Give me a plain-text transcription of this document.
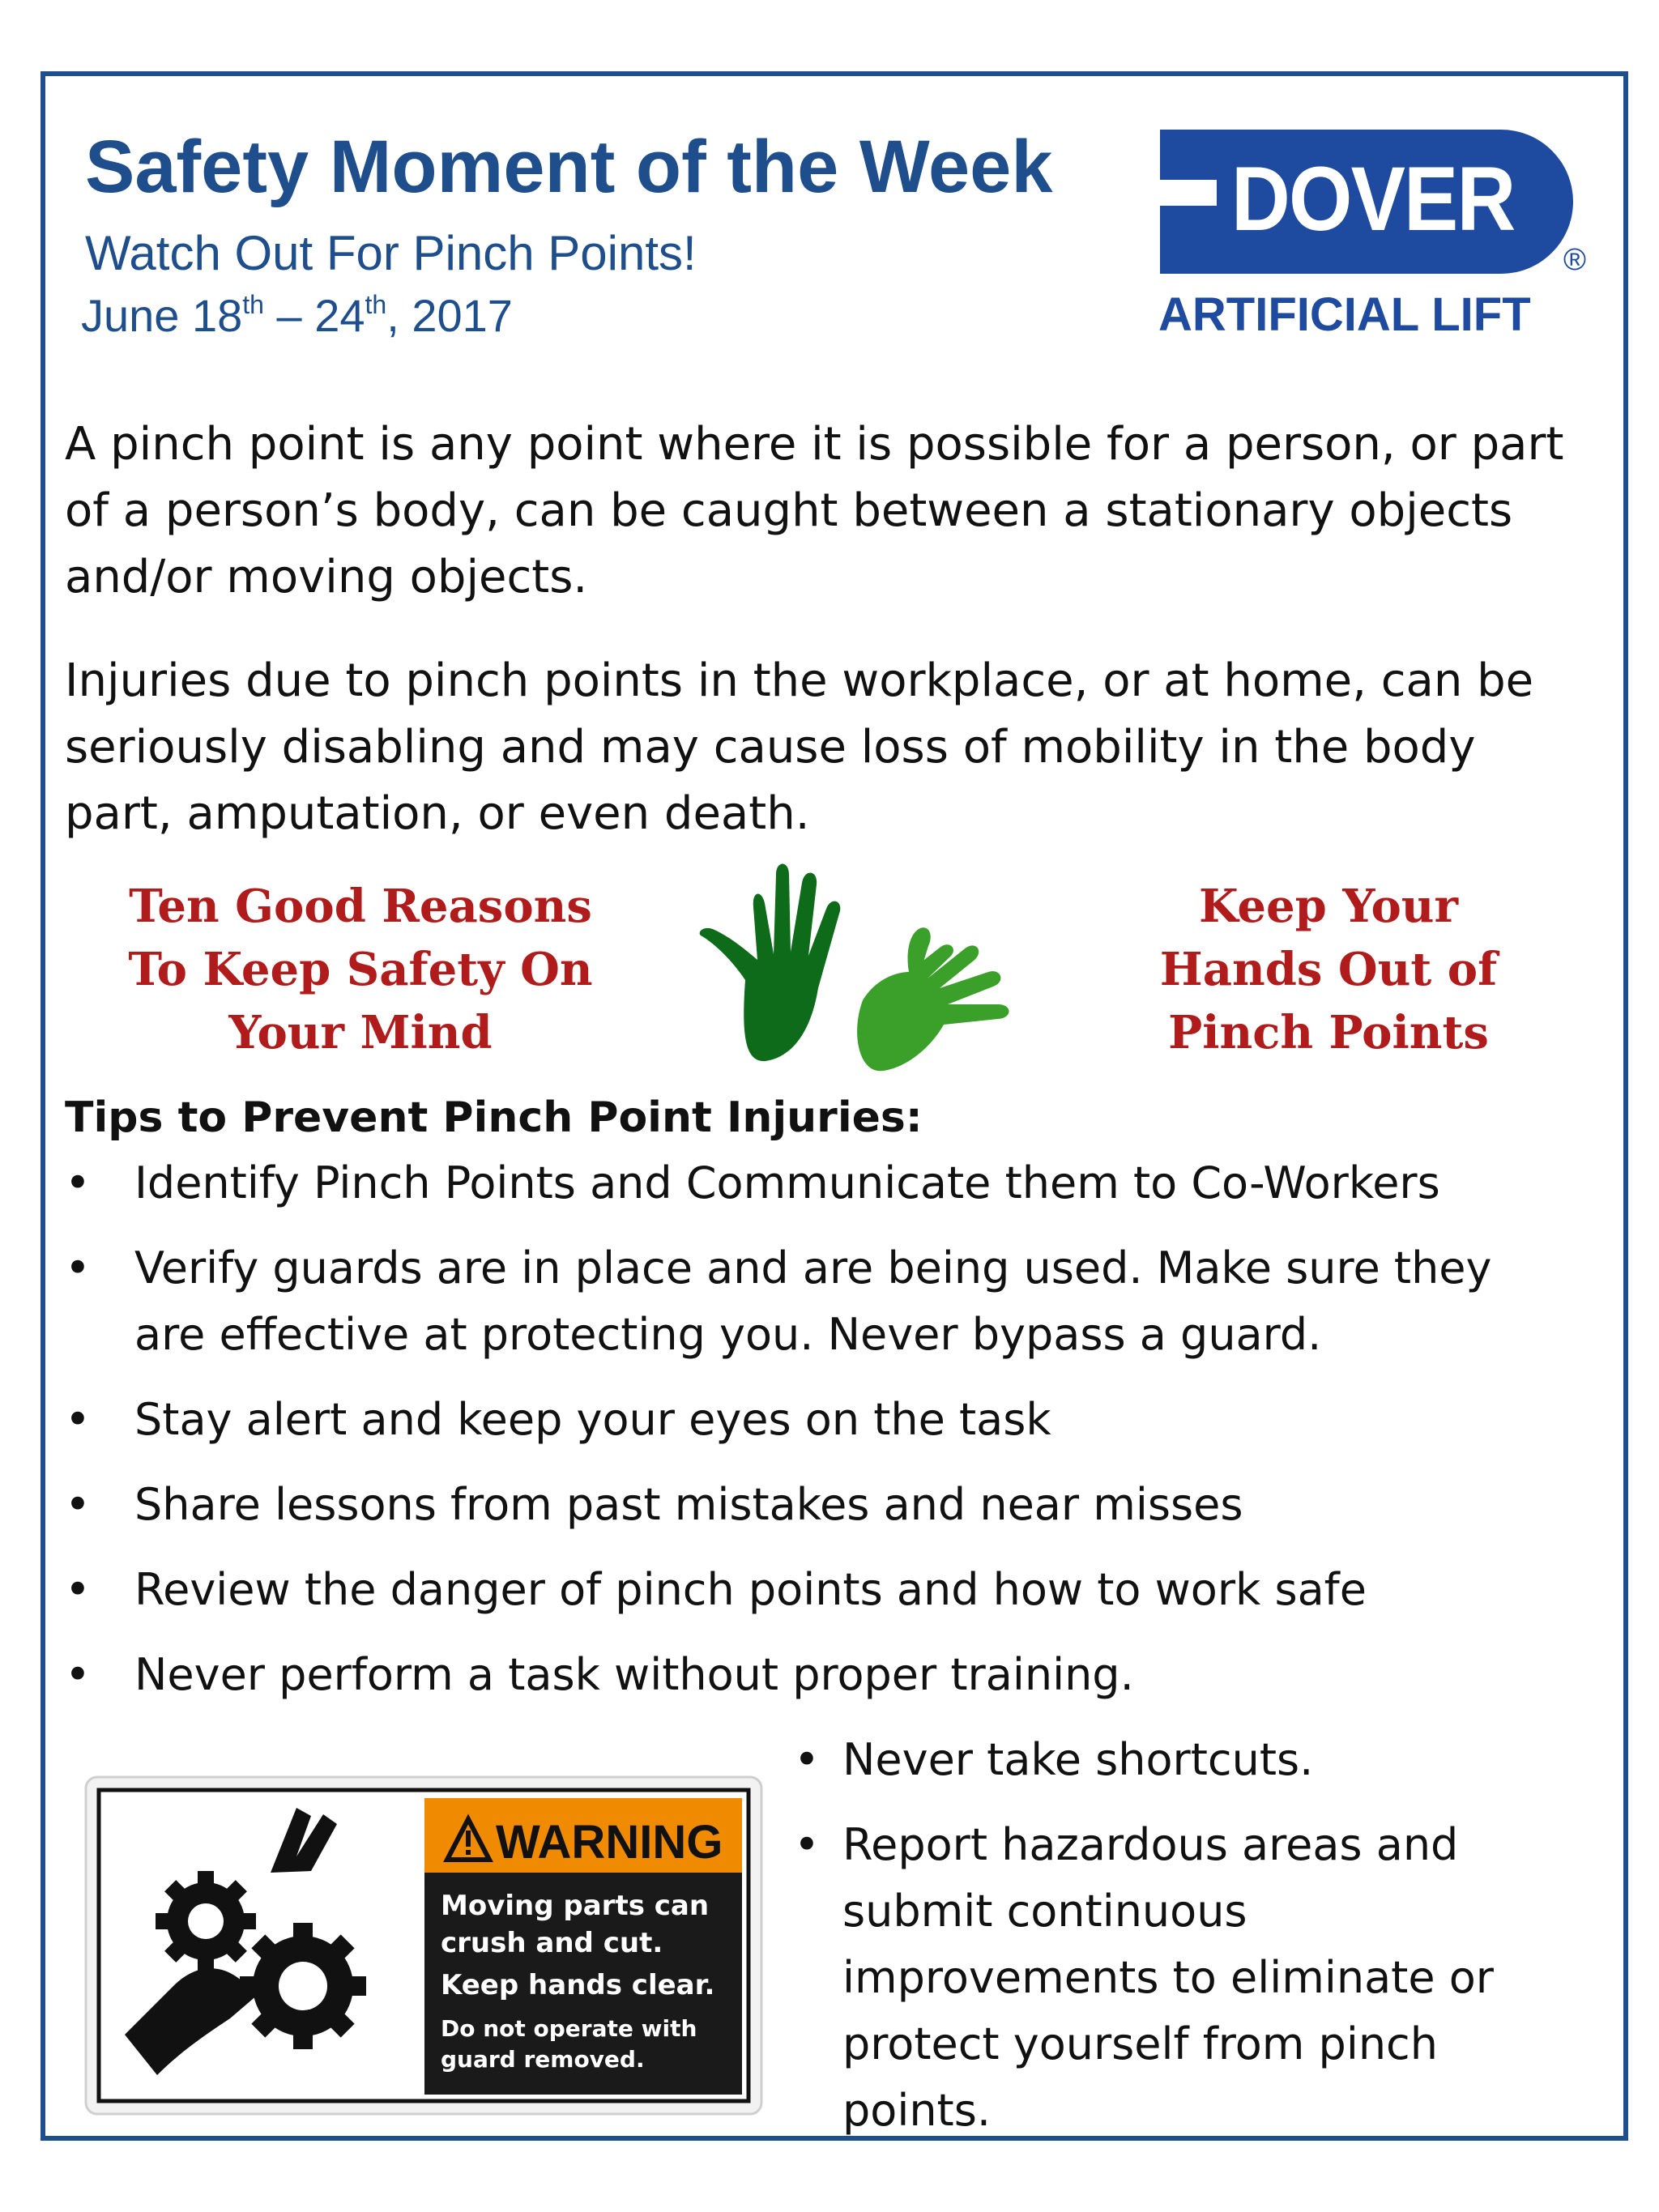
Safety Moment of the Week
Watch Out For Pinch Points!
June 18th – 24th, 2017
DOVER
®
ARTIFICIAL LIFT
A pinch point is any point where it is possible for a person, or part of a person’s body, can be caught between a stationary objects and/or moving objects.
Injuries due to pinch points in the workplace, or at home, can be seriously disabling and may cause loss of mobility in the body part, amputation, or even death.
Ten Good Reasons
To Keep Safety On
Your Mind
Keep Your
Hands Out of
Pinch Points
Tips to Prevent Pinch Point Injuries:
• Identify Pinch Points and Communicate them to Co-Workers
• Verify guards are in place and are being used. Make sure they are effective at protecting you. Never bypass a guard.
• Stay alert and keep your eyes on the task
• Share lessons from past mistakes and near misses
• Review the danger of pinch points and how to work safe
• Never perform a task without proper training.
• Never take shortcuts.
• Report hazardous areas and submit continuous improvements to eliminate or protect yourself from pinch points.
WARNING
Moving parts can
crush and cut.
Keep hands clear.
Do not operate with
guard removed.
